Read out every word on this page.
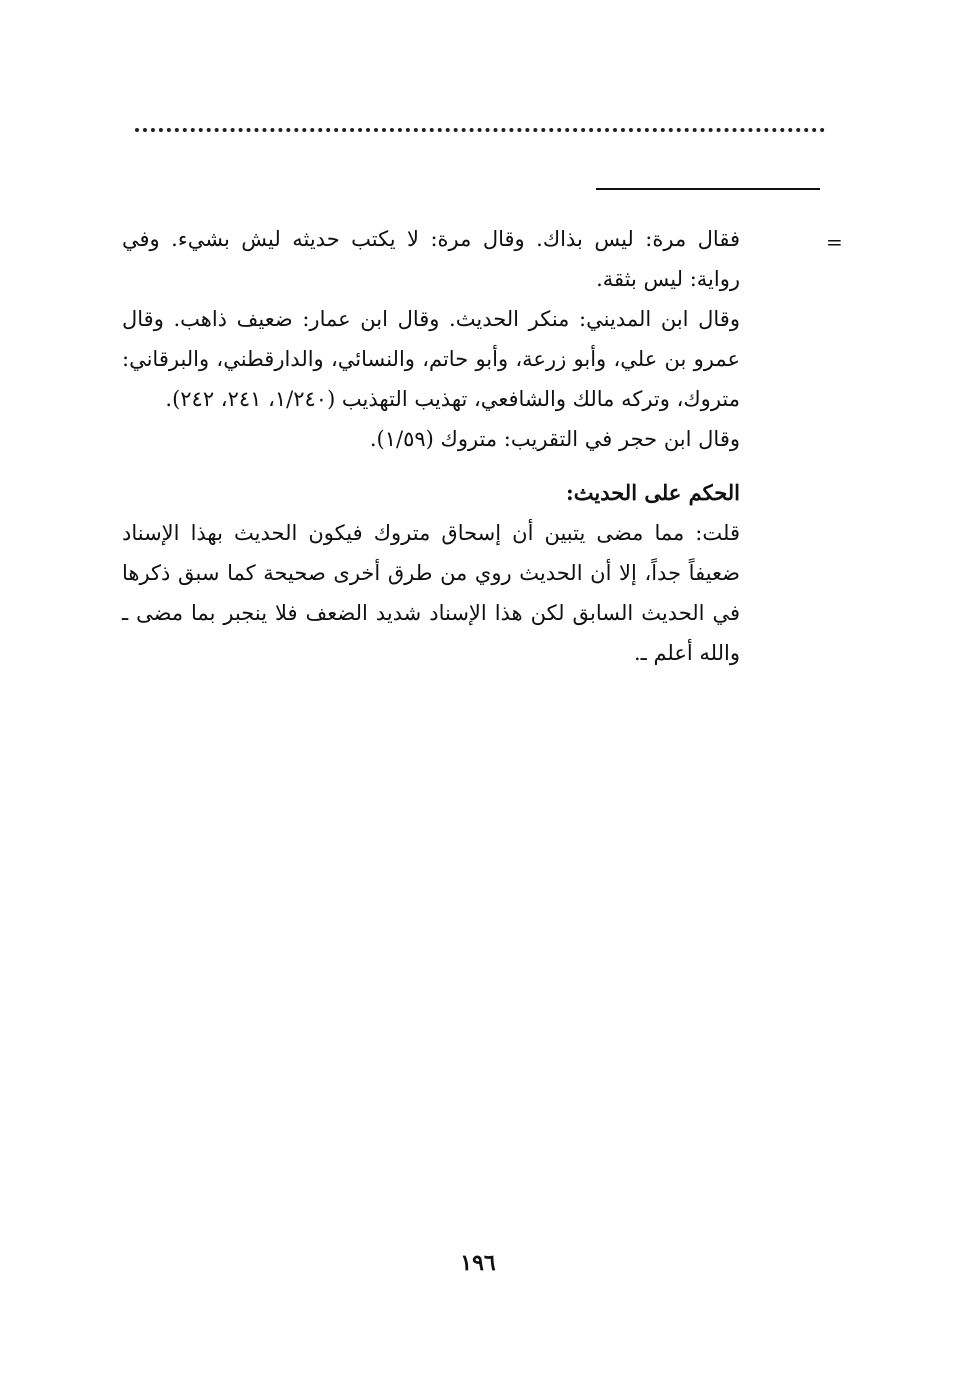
=

فقال مرة: ليس بذاك. وقال مرة: لا يكتب حديثه ليش بشيء. وفي رواية: ليس بثقة.

وقال ابن المديني: منكر الحديث. وقال ابن عمار: ضعيف ذاهب. وقال عمرو بن علي، وأبو زرعة، وأبو حاتم، والنسائي، والدارقطني، والبرقاني: متروك، وتركه مالك والشافعي، تهذيب التهذيب (١/٢٤٠، ٢٤١، ٢٤٢).

وقال ابن حجر في التقريب: متروك (١/٥٩).

الحكم على الحديث:

قلت: مما مضى يتبين أن إسحاق متروك فيكون الحديث بهذا الإسناد ضعيفاً جداً، إلا أن الحديث روي من طرق أخرى صحيحة كما سبق ذكرها في الحديث السابق لكن هذا الإسناد شديد الضعف فلا ينجبر بما مضى ـ والله أعلم ـ.

١٩٦
